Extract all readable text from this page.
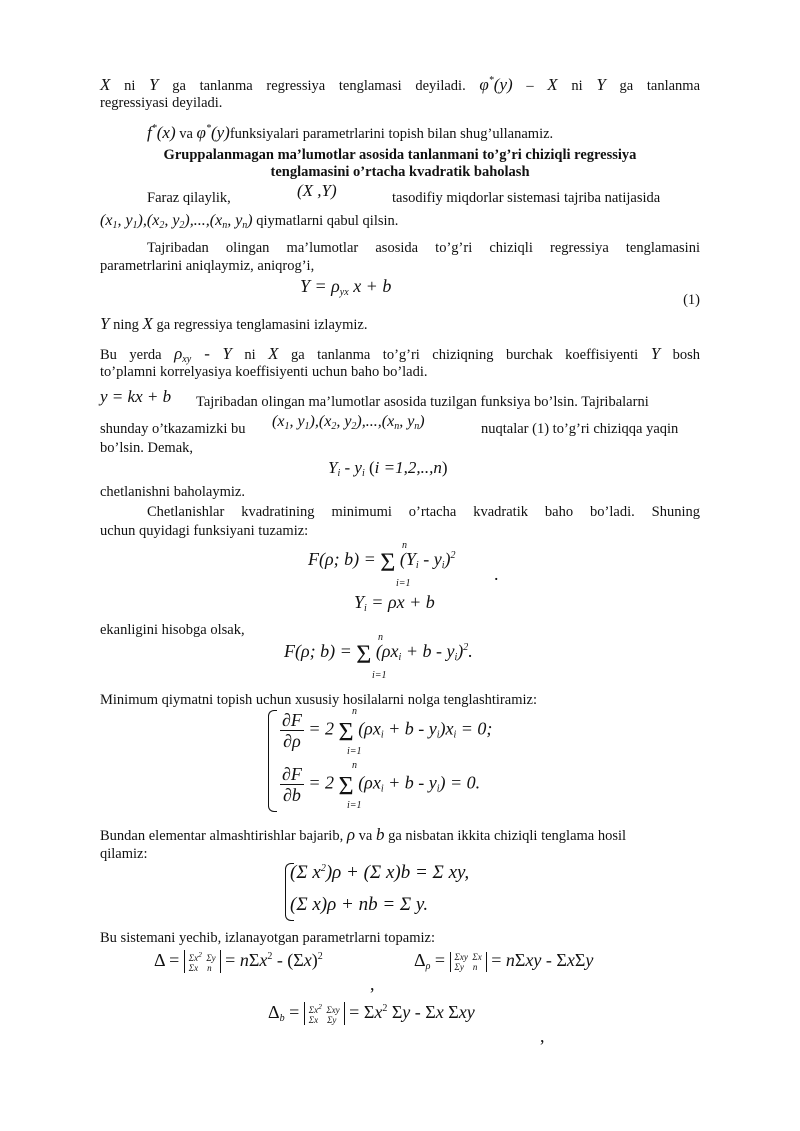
X ni Y ga tanlanma regressiya tenglamasi deyiladi. φ*(y) – X ni Y ga tanlanma
regressiyasi deyiladi.
f*(x) va φ*(y)funksiyalari parametrlarini topish bilan shug’ullanamiz.
Gruppalanmagan ma’lumotlar asosida tanlanmani to’g’ri chiziqli regressiya
tenglamasini o’rtacha kvadratik baholash
Faraz qilaylik,	(X ,Y)	tasodifiy miqdorlar sistemasi tajriba natijasida
($x_1$, $y_1),(x_2$, $y_2),...,(x_n$, $y_n$) qiymatlarni qabul qilsin.
Tajribadan olingan ma’lumotlar asosida to’g’ri chiziqli regressiya tenglamasini
parametrlarini aniqlaymiz, aniqrog’i,
$Y = \rho_{yx}$ x + b
(1)
Y ning X ga regressiya tenglamasini izlaymiz.
Bu yerda $\rho_{xy}$ - Y ni X ga tanlanma to’g’ri chiziqning burchak koeffisiyenti Y bosh
to’plamni korrelyasiya koeffisiyenti uchun baho bo’ladi.
y = kx + b Tajribadan olingan ma’lumotlar asosida tuzilgan funksiya bo’lsin. Tajribalarni
shunday o’tkazamizki bu ($x_1$, $y_1),(x_2$, $y_2),...,(x_n$, $y_n$)	nuqtalar (1) to’g’ri chiziqqa yaqin
bo’lsin. Demak,
$Y_i - y_i$ (i =1,2,..,n)
chetlanishni baholaymiz.
Chetlanishlar kvadratining minimumi o’rtacha kvadratik baho bo’ladi. Shuning
uchun quyidagi funksiyani tuzamiz:
F(ρ; b) = Σ $(Y_i - y_i)^2$
n
i=1	.
$Y_i = \rho x + b$
ekanligini hisobga olsak,
F(ρ; b) = Σ $(\rho x_i + b - y_i)^2$.
n
i=1
Minimum qiymatni topish uchun xususiy hosilalarni nolga tenglashtiramiz:
$\frac{\partial F}{\partial\rho} = 2$ Σ $(\rho x_i + b - y_i)x_i = 0$;
n
i=1
$\frac{\partial F}{\partial b} = 2$ Σ $(\rho x_i + b - y_i) = 0$.
n
i=1
Bundan elementar almashtirishlar bajarib, ρ va b ga nisbatan ikkita chiziqli tenglama hosil
qilamiz:
(Σ $x^2)\rho + (\Sigma$ x)b = Σ xy,
(Σ x)ρ + nb = Σ y.
Bu sistemani yechib, izlanayotgan parametrlarni topamiz:
$\Delta = \Sigma x^2$  Σy
Σx    $n = n\Sigma x^2 - (\Sigma x)^2$
,
$\Delta_\rho = \Sigma xy$  Σx
Σy    n = nΣxy - ΣxΣy
$\Delta_b = \Sigma x^2$  Σxy
Σx    $\Sigma y = \Sigma x^2$ Σy - Σx Σxy
,
